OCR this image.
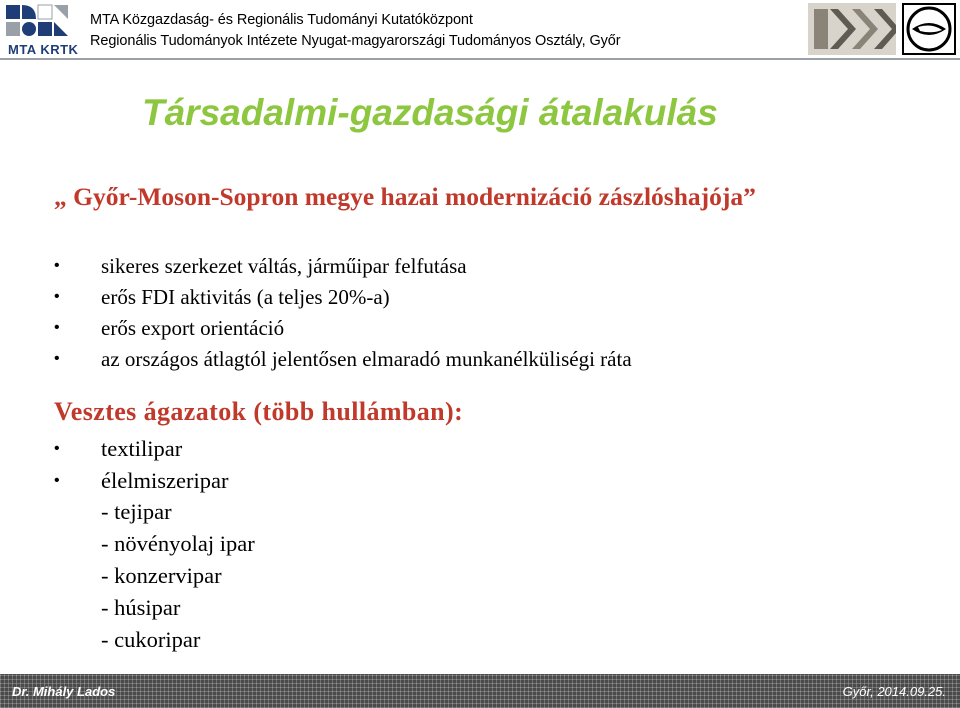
MTA KRTK
MTA Közgazdaság- és Regionális Tudományi Kutatóközpont
Regionális Tudományok Intézete Nyugat-magyarországi Tudományos Osztály, Győr
Társadalmi-gazdasági átalakulás
„ Győr-Moson-Sopron megye hazai modernizáció zászlóshajója”
• sikeres szerkezet váltás, járműipar felfutása
• erős FDI aktivitás (a teljes 20%-a)
• erős export orientáció
• az országos átlagtól jelentősen elmaradó munkanélküliségi ráta
Vesztes ágazatok (több hullámban):
• textilipar
• élelmiszeripar
- tejipar
- növényolaj ipar
- konzervipar
- húsipar
- cukoripar
Dr. Mihály Lados	Győr, 2014.09.25.
